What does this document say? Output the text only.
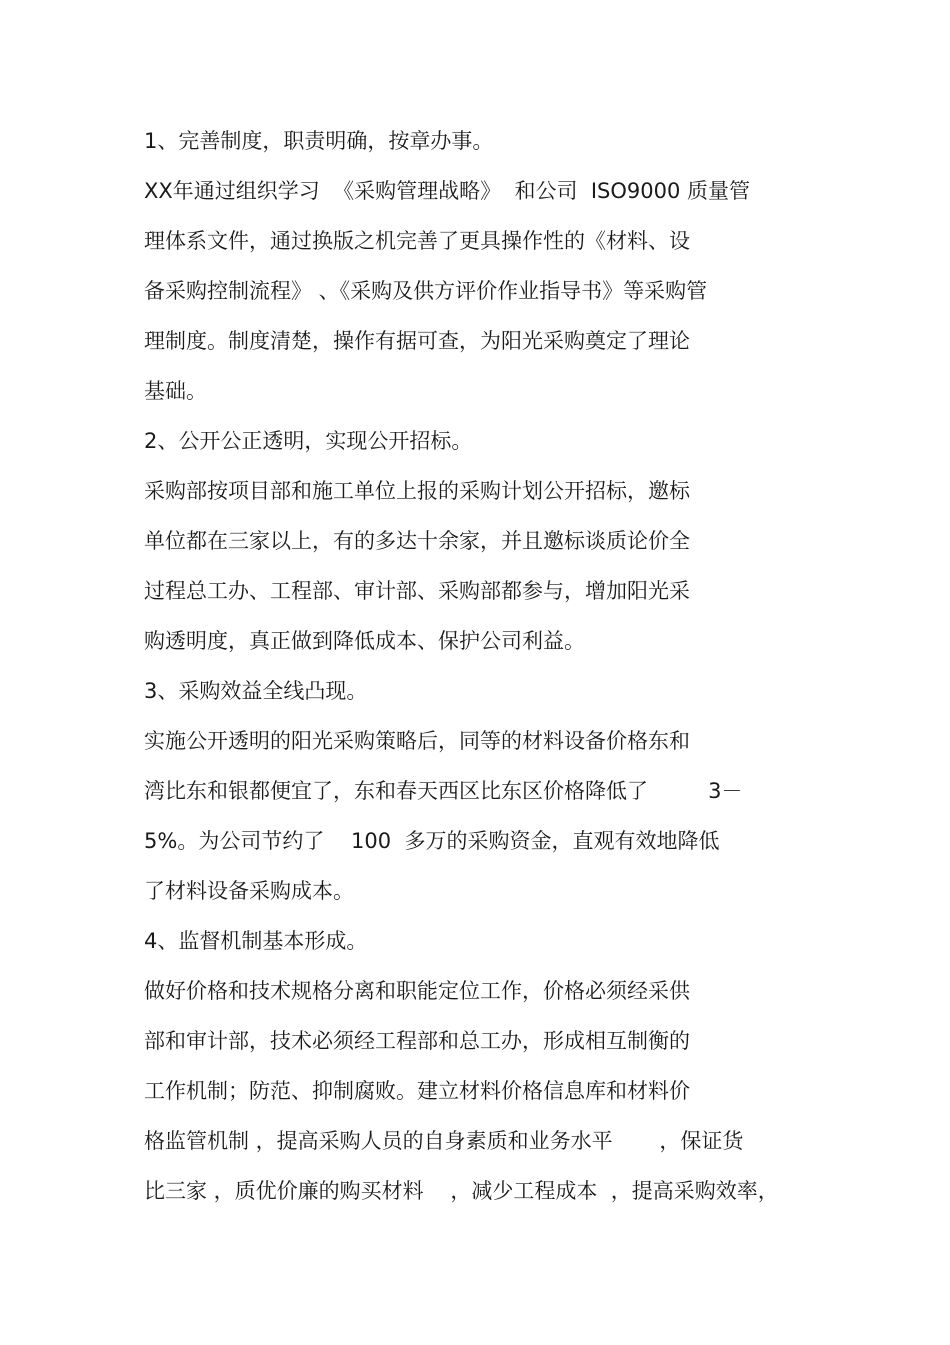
1、完善制度，职责明确，按章办事。
XX年通过组织学习  《采购管理战略》  和公司  ISO9000 质量管
理体系文件，通过换版之机完善了更具操作性的《材料、设
备采购控制流程》 、《采购及供方评价作业指导书》等采购管
理制度。制度清楚，操作有据可查，为阳光采购奠定了理论
基础。
2、公开公正透明，实现公开招标。
采购部按项目部和施工单位上报的采购计划公开招标，邀标
单位都在三家以上，有的多达十余家，并且邀标谈质论价全
过程总工办、工程部、审计部、采购部都参与，增加阳光采
购透明度，真正做到降低成本、保护公司利益。
3、采购效益全线凸现。
实施公开透明的阳光采购策略后，同等的材料设备价格东和
湾比东和银都便宜了，东和春天西区比东区价格降低了         3－
5%。为公司节约了    100  多万的采购资金，直观有效地降低
了材料设备采购成本。
4、监督机制基本形成。
做好价格和技术规格分离和职能定位工作，价格必须经采供
部和审计部，技术必须经工程部和总工办，形成相互制衡的
工作机制；防范、抑制腐败。建立材料价格信息库和材料价
格监管机制 ，提高采购人员的自身素质和业务水平       ，保证货
比三家 ，质优价廉的购买材料    ，减少工程成本  ，提高采购效率，
